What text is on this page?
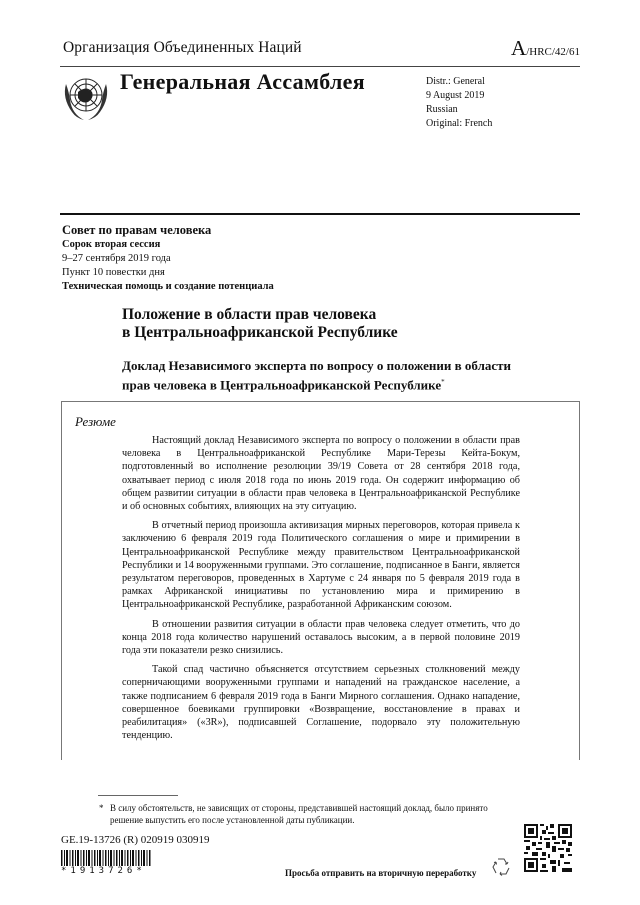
Организация Объединенных Наций	A/HRC/42/61
Генеральная Ассамблея	Distr.: General
9 August 2019
Russian
Original: French
Совет по правам человека
Сорок вторая сессия
9–27 сентября 2019 года
Пункт 10 повестки дня
Техническая помощь и создание потенциала
Положение в области прав человека
в Центральноафриканской Республике
Доклад Независимого эксперта по вопросу о положении в области прав человека в Центральноафриканской Республике*
Резюме

Настоящий доклад Независимого эксперта по вопросу о положении в области прав человека в Центральноафриканской Республике Мари-Терезы Кейта-Бокум, подготовленный во исполнение резолюции 39/19 Совета от 28 сентября 2018 года, охватывает период с июля 2018 года по июнь 2019 года. Он содержит информацию об общем развитии ситуации в области прав человека в Центральноафриканской Республике и об основных событиях, влияющих на эту ситуацию.

В отчетный период произошла активизация мирных переговоров, которая привела к заключению 6 февраля 2019 года Политического соглашения о мире и примирении в Центральноафриканской Республике между правительством Центральноафриканской Республики и 14 вооруженными группами. Это соглашение, подписанное в Банги, является результатом переговоров, проведенных в Хартуме с 24 января по 5 февраля 2019 года в рамках Африканской инициативы по установлению мира и примирению в Центральноафриканской Республике, разработанной Африканским союзом.

В отношении развития ситуации в области прав человека следует отметить, что до конца 2018 года количество нарушений оставалось высоким, а в первой половине 2019 года эти показатели резко снизились.

Такой спад частично объясняется отсутствием серьезных столкновений между соперничающими вооруженными группами и нападений на гражданское население, а также подписанием 6 февраля 2019 года в Банги Мирного соглашения. Однако нападение, совершенное боевиками группировки «Возвращение, восстановление в правах и реабилитация» («3R»), подписавшей Соглашение, подорвало эту положительную тенденцию.

* В силу обстоятельств, не зависящих от стороны, представившей настоящий доклад, было принято решение выпустить его после установленной даты публикации.
GE.19-13726 (R) 020919 030919
*1913726*	Просьба отправить на вторичную переработку
